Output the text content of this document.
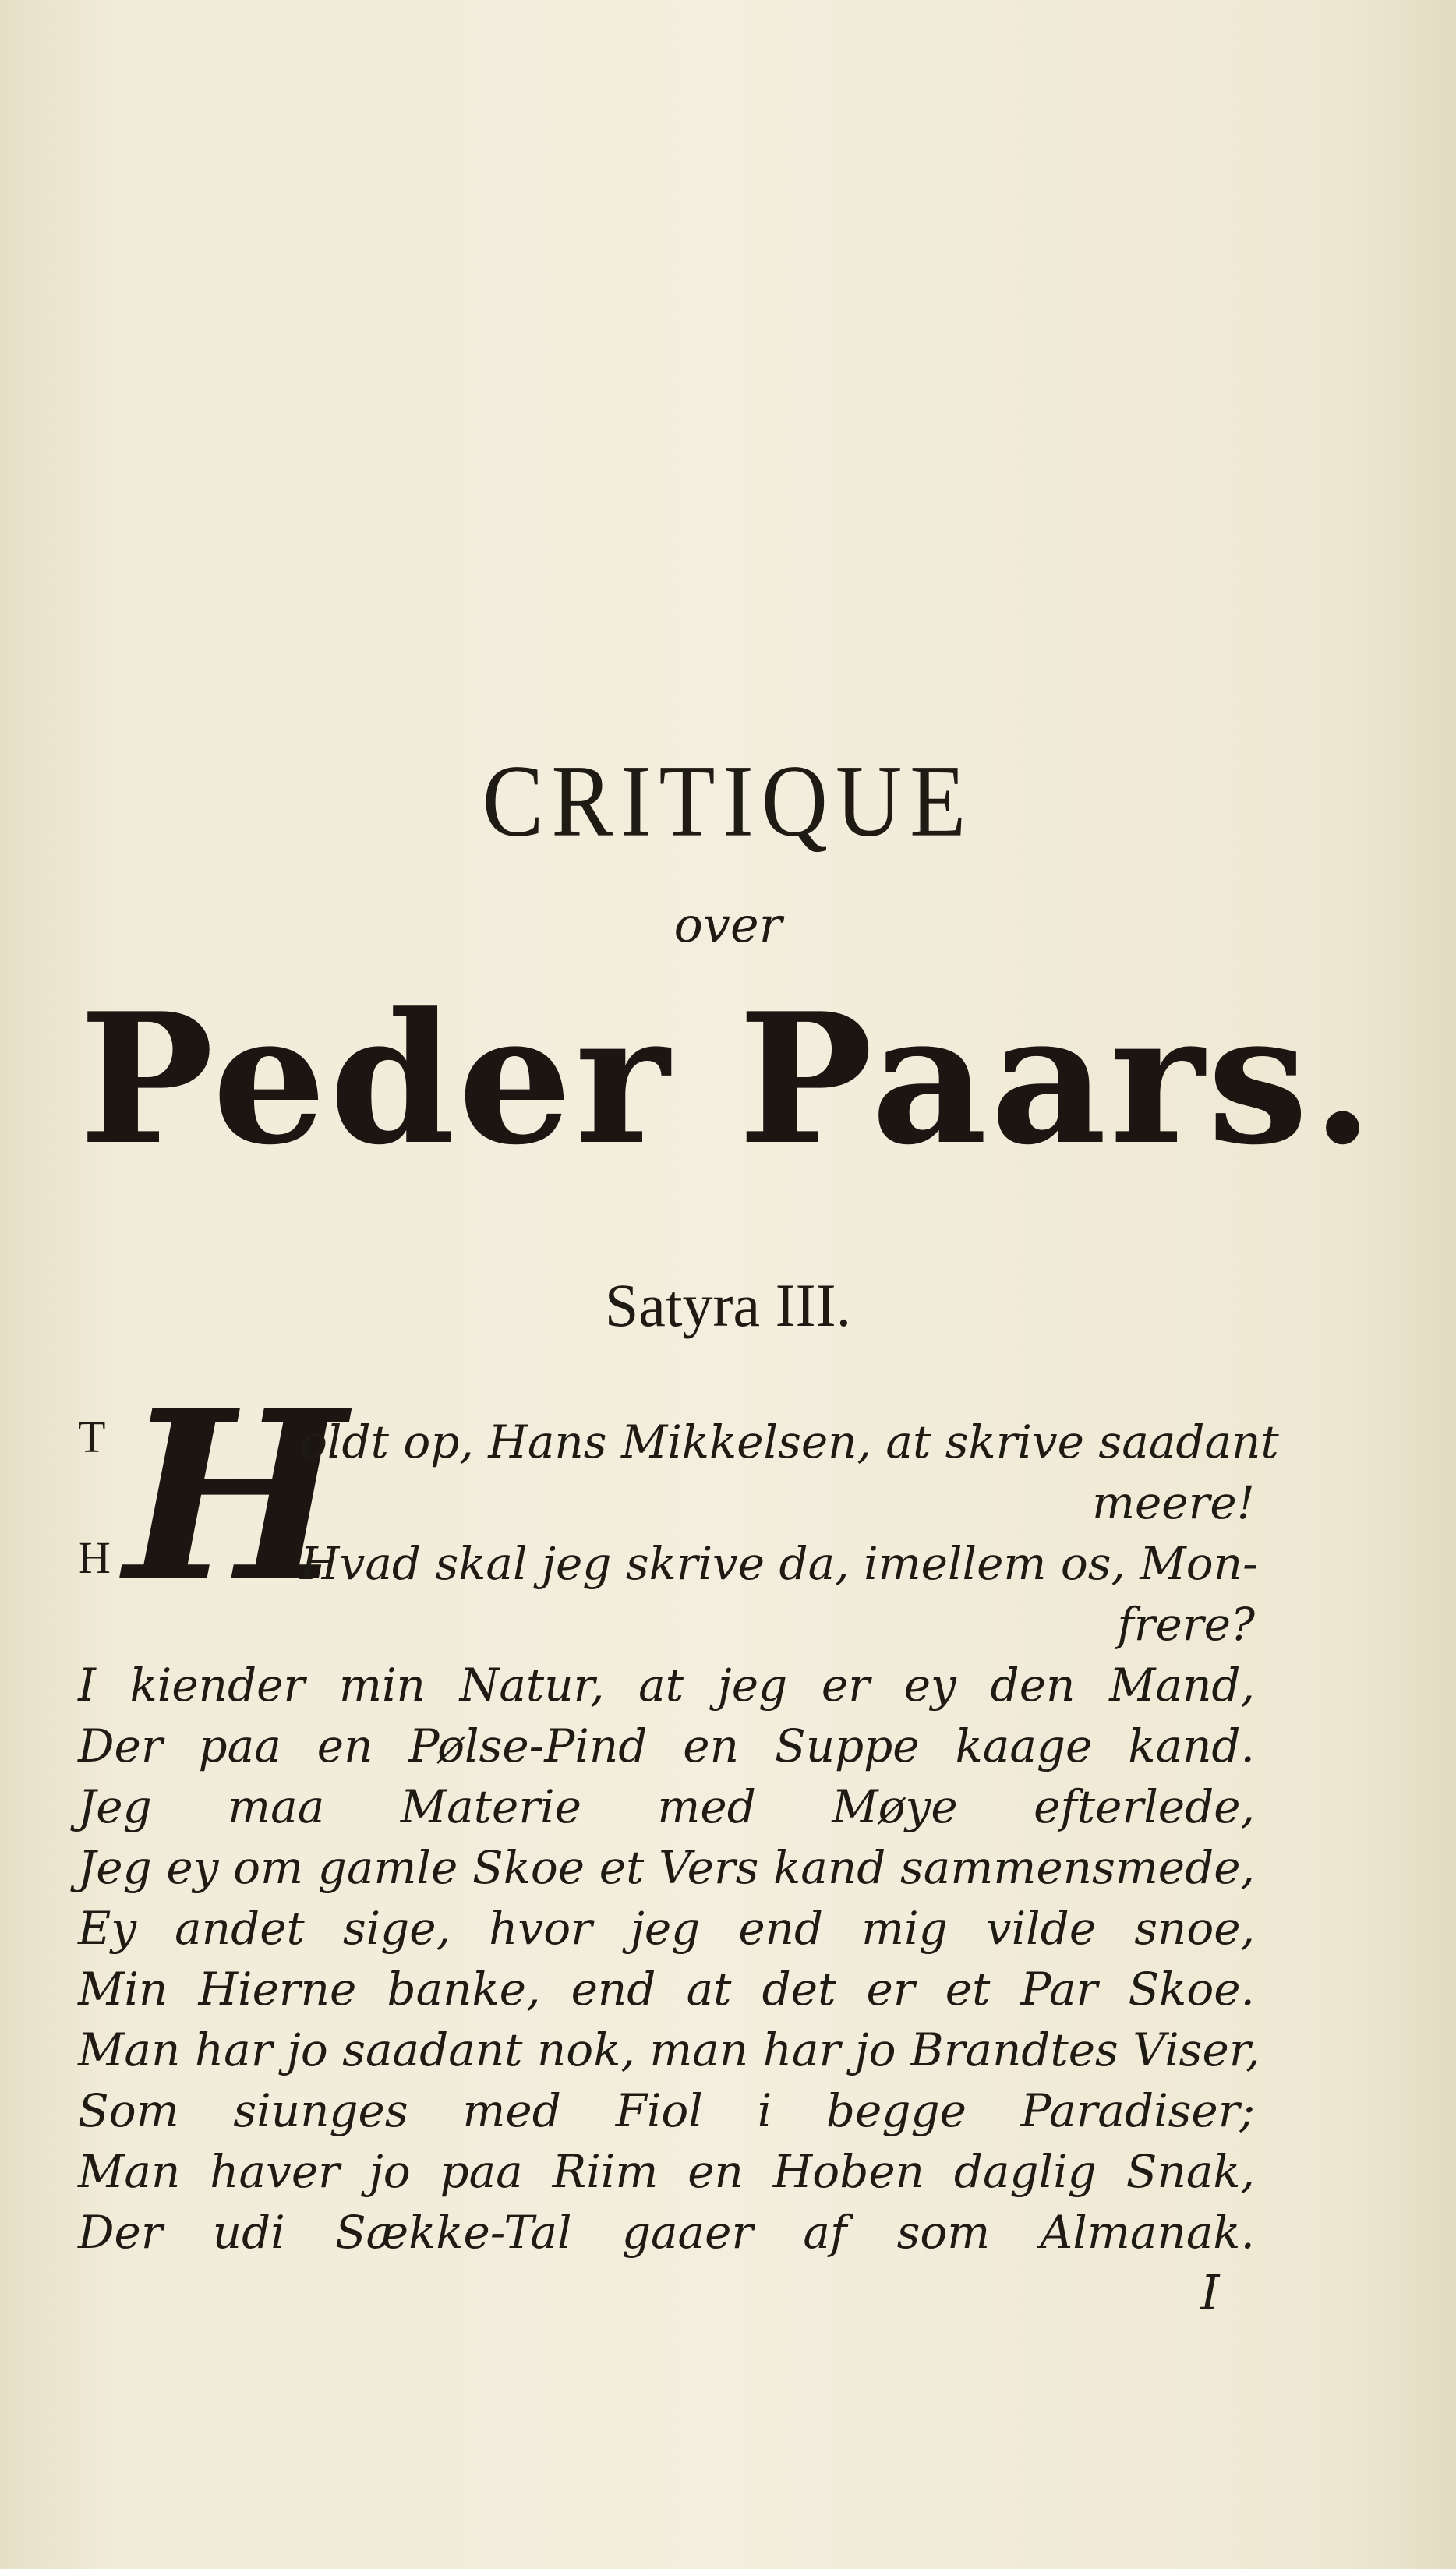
CRITIQUE
over
Peder Paars.
Satyra III.
H
T
H
oldt op, Hans Mikkelsen, at skrive saadant
meere!
Hvad skal jeg skrive da, imellem os, Mon-
frere?
I kiender min Natur, at jeg er ey den Mand,
Der paa en Pølse-Pind en Suppe kaage kand.
Jeg maa Materie med Møye efterlede,
Jeg ey om gamle Skoe et Vers kand sammensmede,
Ey andet sige, hvor jeg end mig vilde snoe,
Min Hierne banke, end at det er et Par Skoe.
Man har jo saadant nok, man har jo Brandtes Viser,
Som siunges med Fiol i begge Paradiser;
Man haver jo paa Riim en Hoben daglig Snak,
Der udi Sække-Tal gaaer af som Almanak.
I
